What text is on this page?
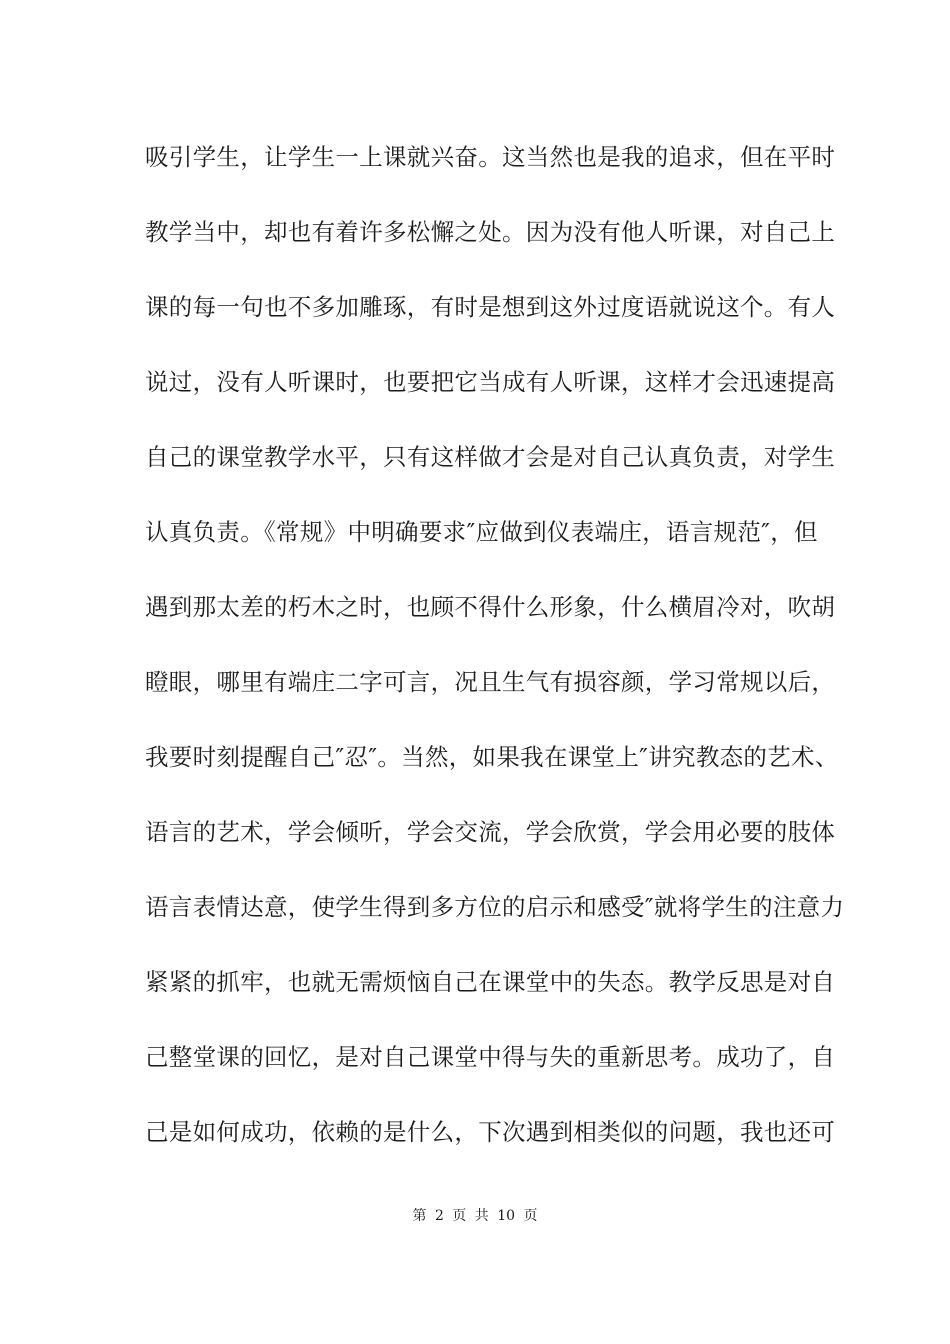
吸引学生，让学生一上课就兴奋。这当然也是我的追求，但在平时
教学当中，却也有着许多松懈之处。因为没有他人听课，对自己上
课的每一句也不多加雕琢，有时是想到这外过度语就说这个。有人
说过，没有人听课时，也要把它当成有人听课，这样才会迅速提高
自己的课堂教学水平，只有这样做才会是对自己认真负责，对学生
认真负责。《常规》中明确要求″应做到仪表端庄，语言规范″，但
遇到那太差的朽木之时，也顾不得什么形象，什么横眉冷对，吹胡
瞪眼，哪里有端庄二字可言，况且生气有损容颜，学习常规以后，
我要时刻提醒自己″忍″。当然，如果我在课堂上″讲究教态的艺术、
语言的艺术，学会倾听，学会交流，学会欣赏，学会用必要的肢体
语言表情达意，使学生得到多方位的启示和感受″就将学生的注意力
紧紧的抓牢，也就无需烦恼自己在课堂中的失态。教学反思是对自
己整堂课的回忆，是对自己课堂中得与失的重新思考。成功了，自
己是如何成功，依赖的是什么，下次遇到相类似的问题，我也还可
第 2 页 共 10 页
